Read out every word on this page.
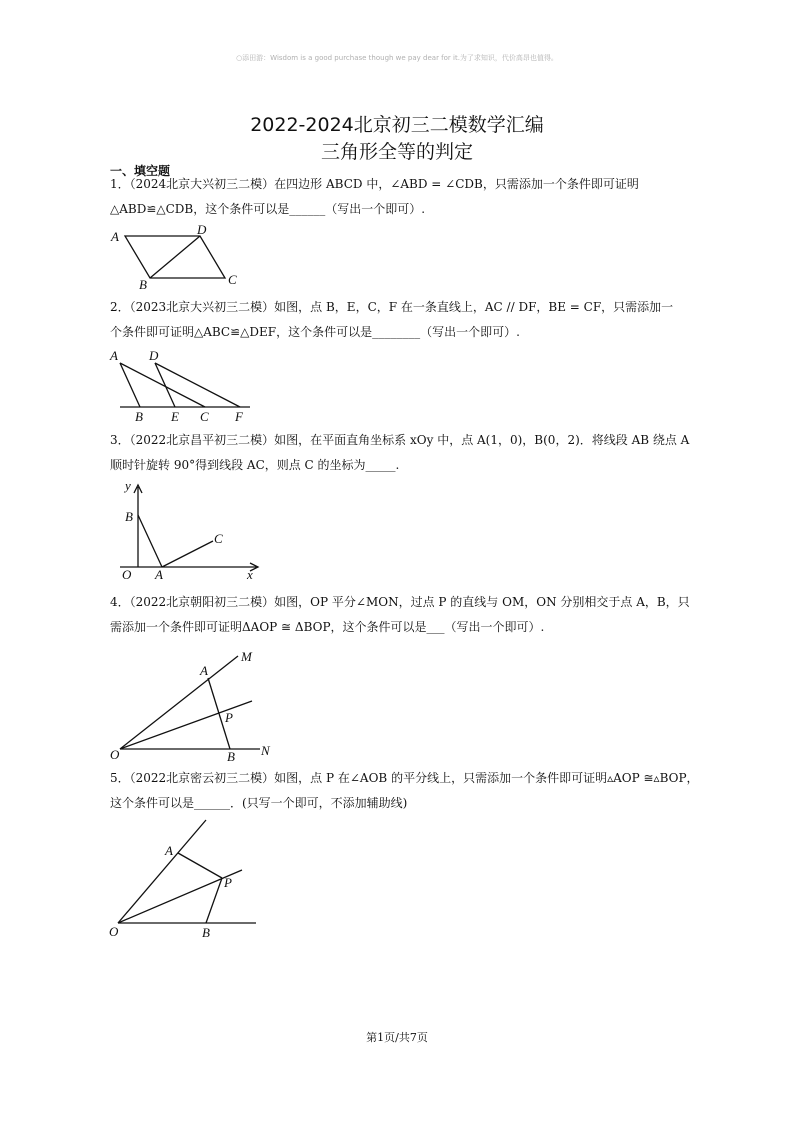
○添田游：Wisdom is a good purchase though we pay dear for it.为了求知识，代价高昂也值得。
2022-2024北京初三二模数学汇编
三角形全等的判定
一、填空题
1．（2024北京大兴初三二模）在四边形 ABCD 中，∠ABD = ∠CDB，只需添加一个条件即可证明
△ABD≌△CDB，这个条件可以是______（写出一个即可）.
A	D
B	C
2．（2023北京大兴初三二模）如图，点 B，E，C，F 在一条直线上，AC // DF，BE = CF，只需添加一
个条件即可证明△ABC≌△DEF，这个条件可以是________（写出一个即可）.
A D
B E C F
3．（2022北京昌平初三二模）如图，在平面直角坐标系 xOy 中，点 A(1，0)，B(0，2)．将线段 AB 绕点 A
顺时针旋转 90°得到线段 AC，则点 C 的坐标为_____.
y
B
C
O A	x
4．（2022北京朝阳初三二模）如图，OP 平分∠MON，过点 P 的直线与 OM，ON 分别相交于点 A，B，只
需添加一个条件即可证明ΔAOP ≅ ΔBOP，这个条件可以是___（写出一个即可）.
A
M
P
O	B N
5．（2022北京密云初三二模）如图，点 P 在∠AOB 的平分线上，只需添加一个条件即可证明▵AOP ≅▵BOP，
这个条件可以是______．(只写一个即可，不添加辅助线)
A
P
O	B
第1页/共7页
